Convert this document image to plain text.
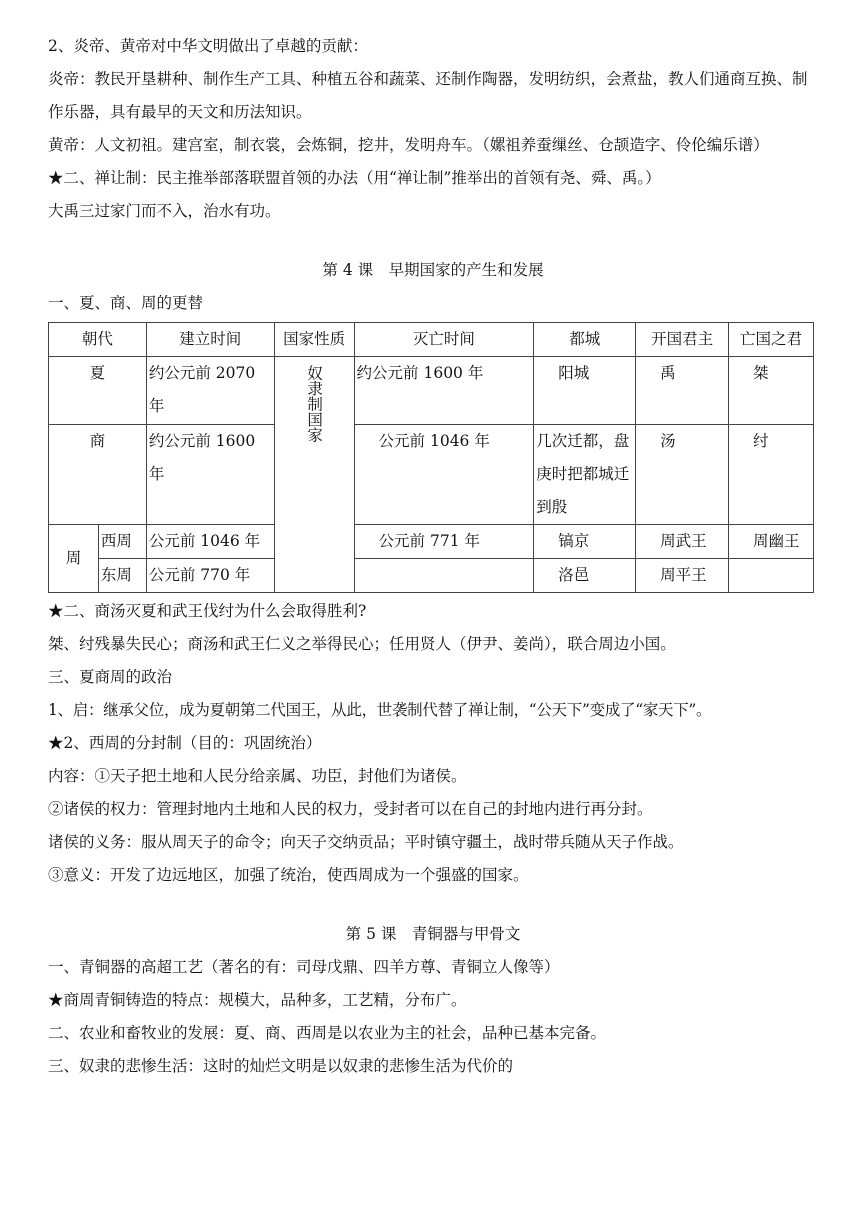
2、炎帝、黄帝对中华文明做出了卓越的贡献：

炎帝：教民开垦耕种、制作生产工具、种植五谷和蔬菜、还制作陶器，发明纺织，会煮盐，教人们通商互换、制作乐器，具有最早的天文和历法知识。

黄帝：人文初祖。建宫室，制衣裳，会炼铜，挖井，发明舟车。（嫘祖养蚕缫丝、仓颉造字、伶伦编乐谱）

★二、禅让制：民主推举部落联盟首领的办法（用“禅让制”推举出的首领有尧、舜、禹。）

大禹三过家门而不入，治水有功。

第 4 课　早期国家的产生和发展

一、夏、商、周的更替

朝代		建立时间	国家性质	灭亡时间	都城	开国君主	亡国之君
夏		约公元前 2070 年	奴隶制国家	约公元前 1600 年	阳城	禹	桀
商		约公元前 1600 年		公元前 1046 年	几次迁都，盘庚时把都城迁到殷	汤	纣
周	西周	公元前 1046 年		公元前 771 年	镐京	周武王	周幽王
	东周	公元前 770 年			洛邑	周平王	

★二、商汤灭夏和武王伐纣为什么会取得胜利?

桀、纣残暴失民心；商汤和武王仁义之举得民心；任用贤人（伊尹、姜尚），联合周边小国。

三、夏商周的政治

1、启：继承父位，成为夏朝第二代国王，从此，世袭制代替了禅让制，“公天下”变成了“家天下”。

★2、西周的分封制（目的：巩固统治）

内容：①天子把土地和人民分给亲属、功臣，封他们为诸侯。

②诸侯的权力：管理封地内土地和人民的权力，受封者可以在自己的封地内进行再分封。

诸侯的义务：服从周天子的命令；向天子交纳贡品；平时镇守疆土，战时带兵随从天子作战。

③意义：开发了边远地区，加强了统治，使西周成为一个强盛的国家。

第 5 课　青铜器与甲骨文

一、青铜器的高超工艺（著名的有：司母戊鼎、四羊方尊、青铜立人像等）

★商周青铜铸造的特点：规模大，品种多，工艺精，分布广。

二、农业和畜牧业的发展：夏、商、西周是以农业为主的社会，品种已基本完备。

三、奴隶的悲惨生活：这时的灿烂文明是以奴隶的悲惨生活为代价的
